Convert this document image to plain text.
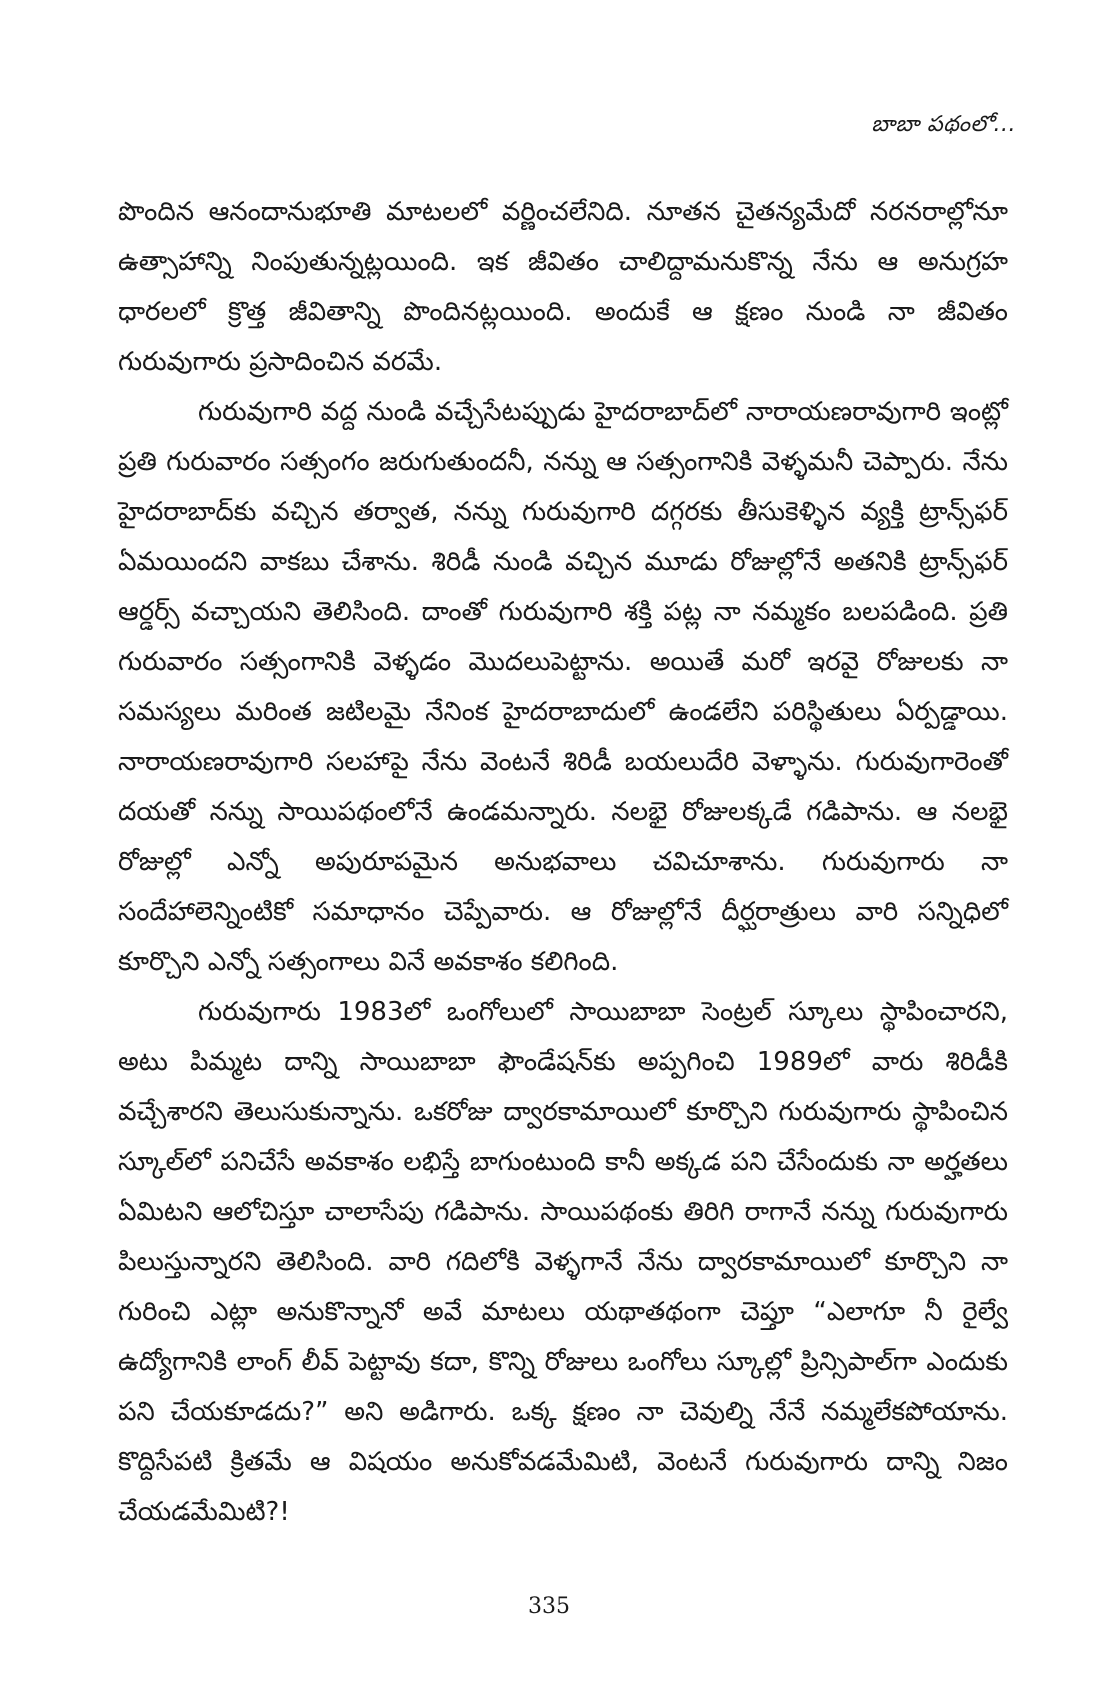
బాబా పథంలో...

పొందిన ఆనందానుభూతి మాటలలో వర్ణించలేనిది. నూతన చైతన్యమేదో నరనరాల్లోనూ ఉత్సాహాన్ని నింపుతున్నట్లయింది. ఇక జీవితం చాలిద్దామనుకొన్న నేను ఆ అనుగ్రహ ధారలలో క్రొత్త జీవితాన్ని పొందినట్లయింది. అందుకే ఆ క్షణం నుండి నా జీవితం గురువుగారు ప్రసాదించిన వరమే.

గురువుగారి వద్ద నుండి వచ్చేసేటప్పుడు హైదరాబాద్‌లో నారాయణరావుగారి ఇంట్లో ప్రతి గురువారం సత్సంగం జరుగుతుందనీ, నన్ను ఆ సత్సంగానికి వెళ్ళమనీ చెప్పారు. నేను హైదరాబాద్‌కు వచ్చిన తర్వాత, నన్ను గురువుగారి దగ్గరకు తీసుకెళ్ళిన వ్యక్తి ట్రాన్స్‌ఫర్ ఏమయిందని వాకబు చేశాను. శిరిడీ నుండి వచ్చిన మూడు రోజుల్లోనే అతనికి ట్రాన్స్‌ఫర్ ఆర్డర్స్ వచ్చాయని తెలిసింది. దాంతో గురువుగారి శక్తి పట్ల నా నమ్మకం బలపడింది. ప్రతి గురువారం సత్సంగానికి వెళ్ళడం మొదలుపెట్టాను. అయితే మరో ఇరవై రోజులకు నా సమస్యలు మరింత జటిలమై నేనింక హైదరాబాదులో ఉండలేని పరిస్థితులు ఏర్పడ్డాయి. నారాయణరావుగారి సలహాపై నేను వెంటనే శిరిడీ బయలుదేరి వెళ్ళాను. గురువుగారెంతో దయతో నన్ను సాయిపథంలోనే ఉండమన్నారు. నలభై రోజులక్కడే గడిపాను. ఆ నలభై రోజుల్లో ఎన్నో అపురూపమైన అనుభవాలు చవిచూశాను. గురువుగారు నా సందేహాలెన్నింటికో సమాధానం చెప్పేవారు. ఆ రోజుల్లోనే దీర్ఘరాత్రులు వారి సన్నిధిలో కూర్చొని ఎన్నో సత్సంగాలు వినే అవకాశం కలిగింది.

గురువుగారు 1983లో ఒంగోలులో సాయిబాబా సెంట్రల్ స్కూలు స్థాపించారని, అటు పిమ్మట దాన్ని సాయిబాబా ఫౌండేషన్‌కు అప్పగించి 1989లో వారు శిరిడీకి వచ్చేశారని తెలుసుకున్నాను. ఒకరోజు ద్వారకామాయిలో కూర్చొని గురువుగారు స్థాపించిన స్కూల్‌లో పనిచేసే అవకాశం లభిస్తే బాగుంటుంది కానీ అక్కడ పని చేసేందుకు నా అర్హతలు ఏమిటని ఆలోచిస్తూ చాలాసేపు గడిపాను. సాయిపథంకు తిరిగి రాగానే నన్ను గురువుగారు పిలుస్తున్నారని తెలిసింది. వారి గదిలోకి వెళ్ళగానే నేను ద్వారకామాయిలో కూర్చొని నా గురించి ఎట్లా అనుకొన్నానో అవే మాటలు యథాతథంగా చెప్తూ “ఎలాగూ నీ రైల్వే ఉద్యోగానికి లాంగ్ లీవ్ పెట్టావు కదా, కొన్ని రోజులు ఒంగోలు స్కూల్లో ప్రిన్సిపాల్‌గా ఎందుకు పని చేయకూడదు?” అని అడిగారు. ఒక్క క్షణం నా చెవుల్ని నేనే నమ్మలేకపోయాను. కొద్దిసేపటి క్రితమే ఆ విషయం అనుకోవడమేమిటి, వెంటనే గురువుగారు దాన్ని నిజం చేయడమేమిటి?!

335
